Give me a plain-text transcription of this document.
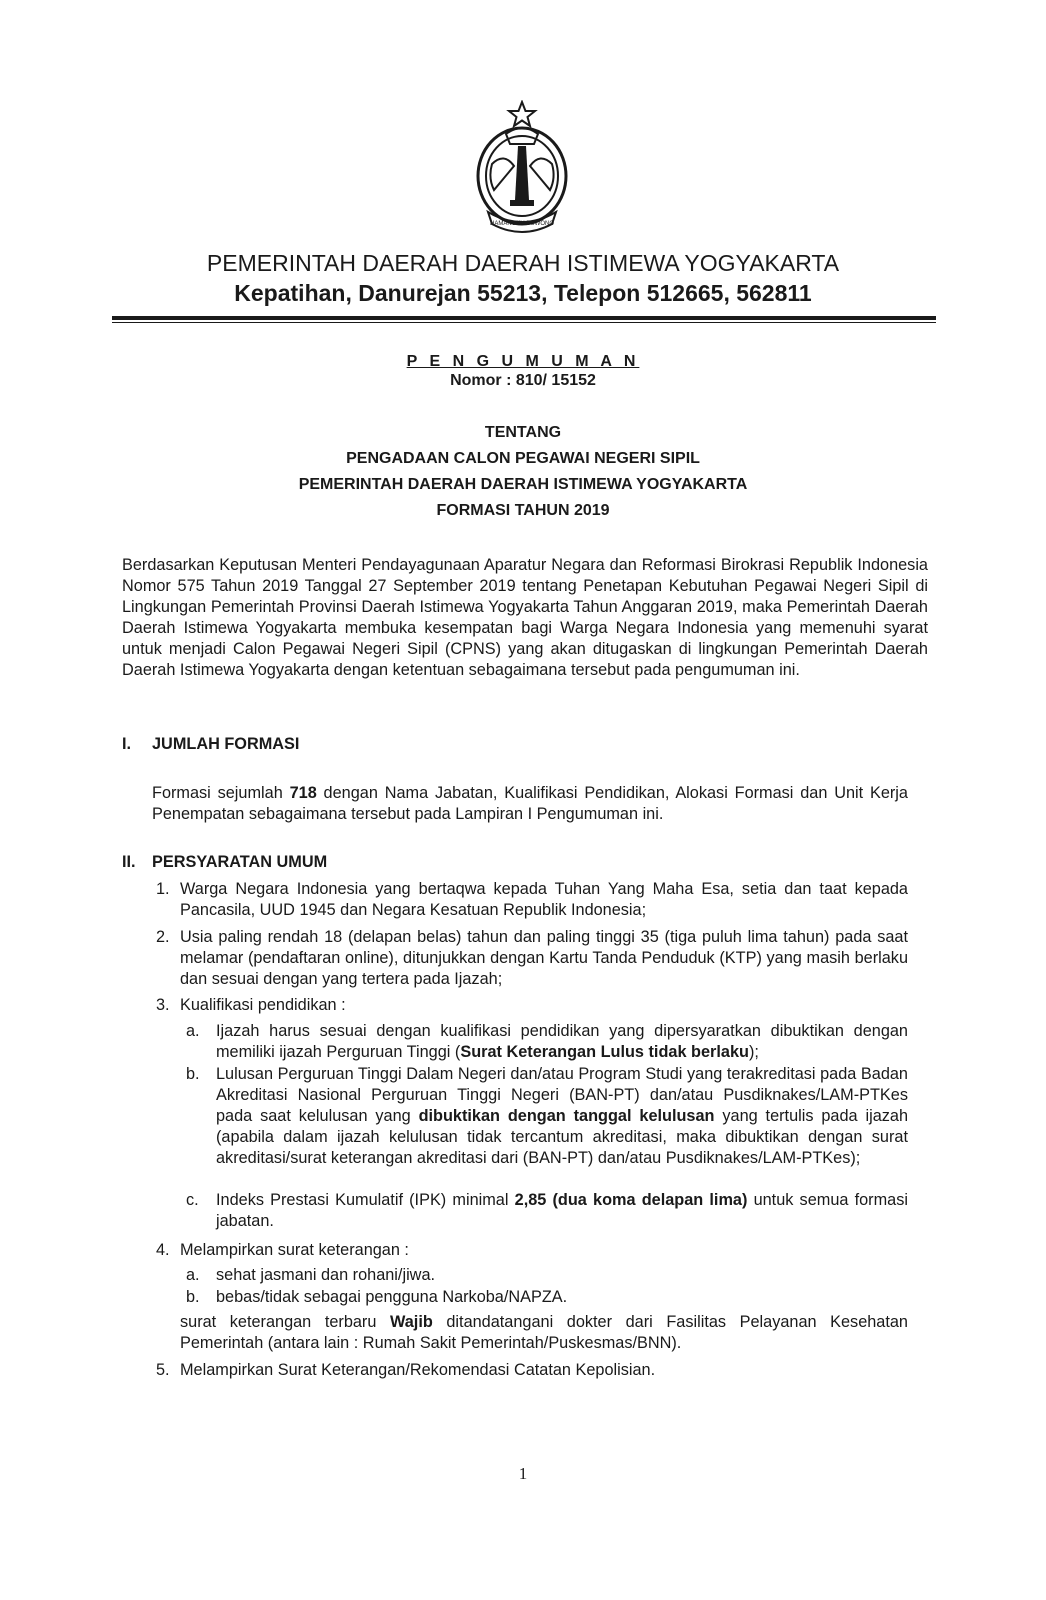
HAMANGKU BUWONO
PEMERINTAH DAERAH DAERAH ISTIMEWA YOGYAKARTA
Kepatihan, Danurejan 55213, Telepon 512665, 562811
P E N G U M U M A N
Nomor : 810/ 15152
TENTANG
PENGADAAN CALON PEGAWAI NEGERI SIPIL
PEMERINTAH DAERAH DAERAH ISTIMEWA YOGYAKARTA
FORMASI TAHUN 2019
Berdasarkan Keputusan Menteri Pendayagunaan Aparatur Negara dan Reformasi Birokrasi Republik Indonesia Nomor 575 Tahun 2019 Tanggal 27 September 2019 tentang Penetapan Kebutuhan Pegawai Negeri Sipil di Lingkungan Pemerintah Provinsi Daerah Istimewa Yogyakarta Tahun Anggaran 2019, maka Pemerintah Daerah Daerah Istimewa Yogyakarta membuka kesempatan bagi Warga Negara Indonesia yang memenuhi syarat untuk menjadi Calon Pegawai Negeri Sipil (CPNS) yang akan ditugaskan di lingkungan Pemerintah Daerah Daerah Istimewa Yogyakarta dengan ketentuan sebagaimana tersebut pada pengumuman ini.
I. JUMLAH FORMASI
Formasi sejumlah 718 dengan Nama Jabatan, Kualifikasi Pendidikan, Alokasi Formasi dan Unit Kerja Penempatan sebagaimana tersebut pada Lampiran I Pengumuman ini.
II. PERSYARATAN UMUM
1. Warga Negara Indonesia yang bertaqwa kepada Tuhan Yang Maha Esa, setia dan taat kepada Pancasila, UUD 1945 dan Negara Kesatuan Republik Indonesia;
2. Usia paling rendah 18 (delapan belas) tahun dan paling tinggi 35 (tiga puluh lima tahun) pada saat melamar (pendaftaran online), ditunjukkan dengan Kartu Tanda Penduduk (KTP) yang masih berlaku dan sesuai dengan yang tertera pada Ijazah;
3. Kualifikasi pendidikan :
a. Ijazah harus sesuai dengan kualifikasi pendidikan yang dipersyaratkan dibuktikan dengan memiliki ijazah Perguruan Tinggi (Surat Keterangan Lulus tidak berlaku);
b. Lulusan Perguruan Tinggi Dalam Negeri dan/atau Program Studi yang terakreditasi pada Badan Akreditasi Nasional Perguruan Tinggi Negeri (BAN-PT) dan/atau Pusdiknakes/LAM-PTKes pada saat kelulusan yang dibuktikan dengan tanggal kelulusan yang tertulis pada ijazah (apabila dalam ijazah kelulusan tidak tercantum akreditasi, maka dibuktikan dengan surat akreditasi/surat keterangan akreditasi dari (BAN-PT) dan/atau Pusdiknakes/LAM-PTKes);
c. Indeks Prestasi Kumulatif (IPK) minimal 2,85 (dua koma delapan lima) untuk semua formasi jabatan.
4. Melampirkan surat keterangan :
a. sehat jasmani dan rohani/jiwa.
b. bebas/tidak sebagai pengguna Narkoba/NAPZA.
surat keterangan terbaru Wajib ditandatangani dokter dari Fasilitas Pelayanan Kesehatan Pemerintah (antara lain : Rumah Sakit Pemerintah/Puskesmas/BNN).
5. Melampirkan Surat Keterangan/Rekomendasi Catatan Kepolisian.
1
